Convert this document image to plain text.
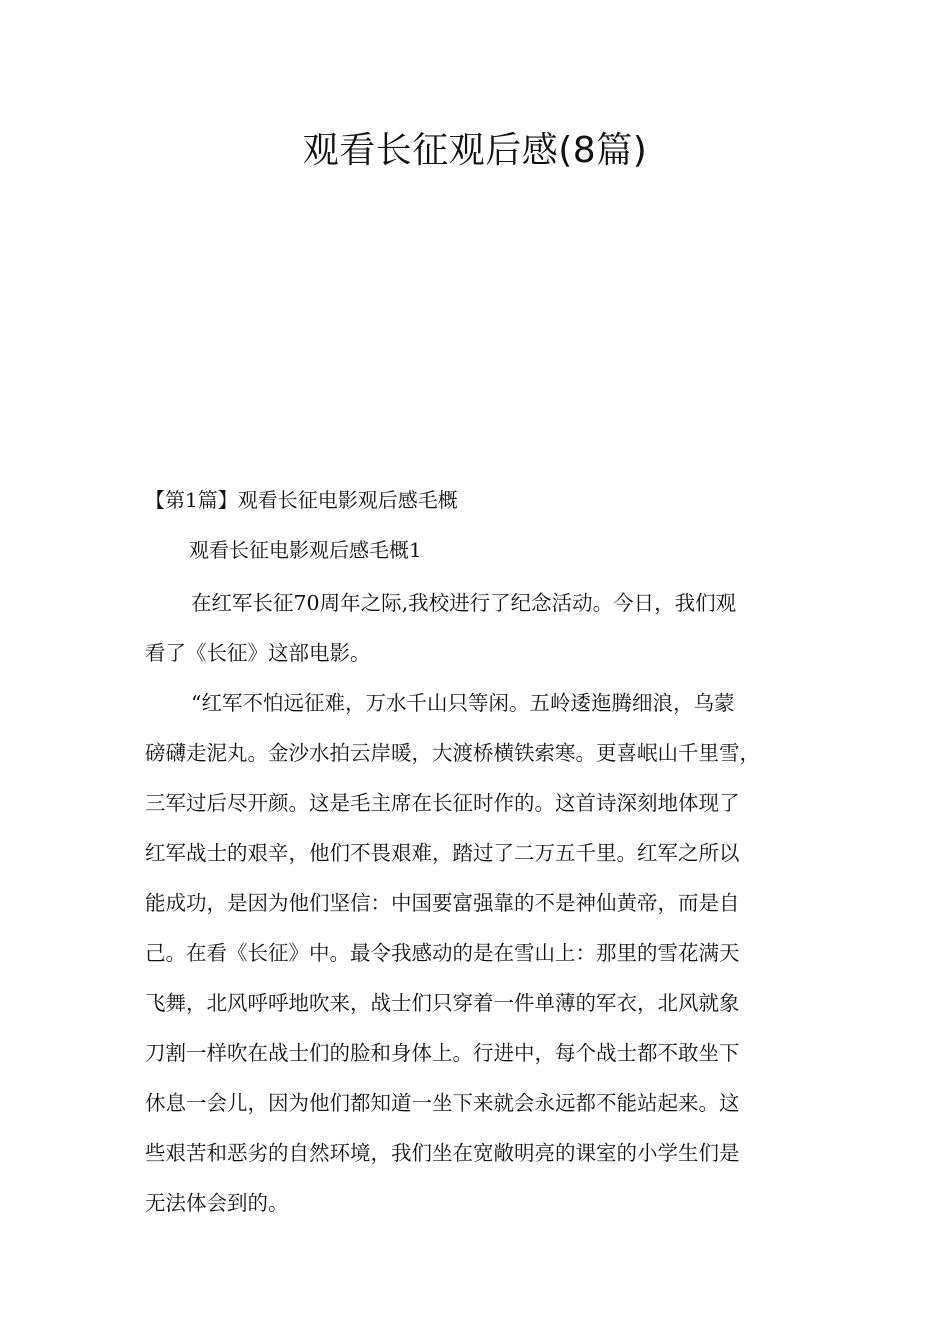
观看长征观后感(8篇)
【第1篇】观看长征电影观后感毛概
观看长征电影观后感毛概1
在红军长征70周年之际,我校进行了纪念活动。今日，我们观
看了《长征》这部电影。
“红军不怕远征难，万水千山只等闲。五岭逶迤腾细浪，乌蒙
磅礴走泥丸。金沙水拍云岸暖，大渡桥横铁索寒。更喜岷山千里雪，
三军过后尽开颜。这是毛主席在长征时作的。这首诗深刻地体现了
红军战士的艰辛，他们不畏艰难，踏过了二万五千里。红军之所以
能成功，是因为他们坚信：中国要富强靠的不是神仙黄帝，而是自
己。在看《长征》中。最令我感动的是在雪山上：那里的雪花满天
飞舞，北风呼呼地吹来，战士们只穿着一件单薄的军衣，北风就象
刀割一样吹在战士们的脸和身体上。行进中，每个战士都不敢坐下
休息一会儿，因为他们都知道一坐下来就会永远都不能站起来。这
些艰苦和恶劣的自然环境，我们坐在宽敞明亮的课室的小学生们是
无法体会到的。
